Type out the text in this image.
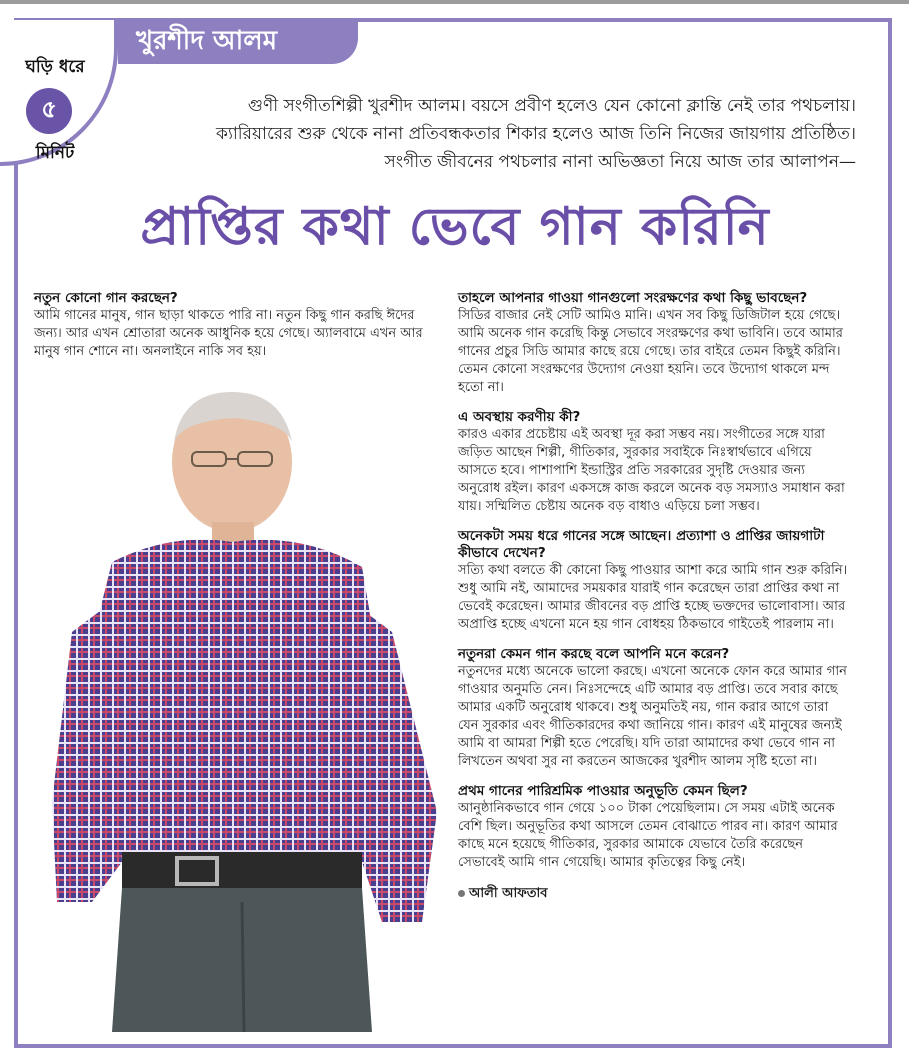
ঘড়ি ধরে
৫
মিনিট
খুরশীদ আলম
গুণী সংগীতশিল্পী খুরশীদ আলম। বয়সে প্রবীণ হলেও যেন কোনো ক্লান্তি নেই তার পথচলায়। ক্যারিয়ারের শুরু থেকে নানা প্রতিবন্ধকতার শিকার হলেও আজ তিনি নিজের জায়গায় প্রতিষ্ঠিত। সংগীত জীবনের পথচলার নানা অভিজ্ঞতা নিয়ে আজ তার আলাপন—
প্রাপ্তির কথা ভেবে গান করিনি

নতুন কোনো গান করছেন?

আমি গানের মানুষ, গান ছাড়া থাকতে পারি না। নতুন কিছু গান করছি ঈদের জন্য। আর এখন শ্রোতারা অনেক আধুনিক হয়ে গেছে। অ্যালবামে এখন আর মানুষ গান শোনে না। অনলাইনে নাকি সব হয়।

তাহলে আপনার গাওয়া গানগুলো সংরক্ষণের কথা কিছু ভাবছেন?

সিডির বাজার নেই সেটি আমিও মানি। এখন সব কিছু ডিজিটাল হয়ে গেছে। আমি অনেক গান করেছি কিন্তু সেভাবে সংরক্ষণের কথা ভাবিনি। তবে আমার গানের প্রচুর সিডি আমার কাছে রয়ে গেছে। তার বাইরে তেমন কিছুই করিনি। তেমন কোনো সংরক্ষণের উদ্যোগ নেওয়া হয়নি। তবে উদ্যোগ থাকলে মন্দ হতো না।

এ অবস্থায় করণীয় কী?

কারও একার প্রচেষ্টায় এই অবস্থা দূর করা সম্ভব নয়। সংগীতের সঙ্গে যারা জড়িত আছেন শিল্পী, গীতিকার, সুরকার সবাইকে নিঃস্বার্থভাবে এগিয়ে আসতে হবে। পাশাপাশি ইন্ডাস্ট্রির প্রতি সরকারের সুদৃষ্টি দেওয়ার জন্য অনুরোধ রইল। কারণ একসঙ্গে কাজ করলে অনেক বড় সমস্যাও সমাধান করা যায়। সম্মিলিত চেষ্টায় অনেক বড় বাধাও এড়িয়ে চলা সম্ভব।

অনেকটা সময় ধরে গানের সঙ্গে আছেন। প্রত্যাশা ও প্রাপ্তির জায়গাটা কীভাবে দেখেন?

সত্যি কথা বলতে কী কোনো কিছু পাওয়ার আশা করে আমি গান শুরু করিনি। শুধু আমি নই, আমাদের সময়কার যারাই গান করেছেন তারা প্রাপ্তির কথা না ভেবেই করেছেন। আমার জীবনের বড় প্রাপ্তি হচ্ছে ভক্তদের ভালোবাসা। আর অপ্রাপ্তি হচ্ছে এখনো মনে হয় গান বোধহয় ঠিকভাবে গাইতেই পারলাম না।

নতুনরা কেমন গান করছে বলে আপনি মনে করেন?

নতুনদের মধ্যে অনেকে ভালো করছে। এখনো অনেকে ফোন করে আমার গান গাওয়ার অনুমতি নেন। নিঃসন্দেহে এটি আমার বড় প্রাপ্তি। তবে সবার কাছে আমার একটি অনুরোধ থাকবে। শুধু অনুমতিই নয়, গান করার আগে তারা যেন সুরকার এবং গীতিকারদের কথা জানিয়ে গান। কারণ এই মানুষের জন্যই আমি বা আমরা শিল্পী হতে পেরেছি। যদি তারা আমাদের কথা ভেবে গান না লিখতেন অথবা সুর না করতেন আজকের খুরশীদ আলম সৃষ্টি হতো না।

প্রথম গানের পারিশ্রমিক পাওয়ার অনুভূতি কেমন ছিল?

আনুষ্ঠানিকভাবে গান গেয়ে ১০০ টাকা পেয়েছিলাম। সে সময় এটাই অনেক বেশি ছিল। অনুভূতির কথা আসলে তেমন বোঝাতে পারব না। কারণ আমার কাছে মনে হয়েছে গীতিকার, সুরকার আমাকে যেভাবে তৈরি করেছেন সেভাবেই আমি গান গেয়েছি। আমার কৃতিত্বের কিছু নেই।

আলী আফতাব
